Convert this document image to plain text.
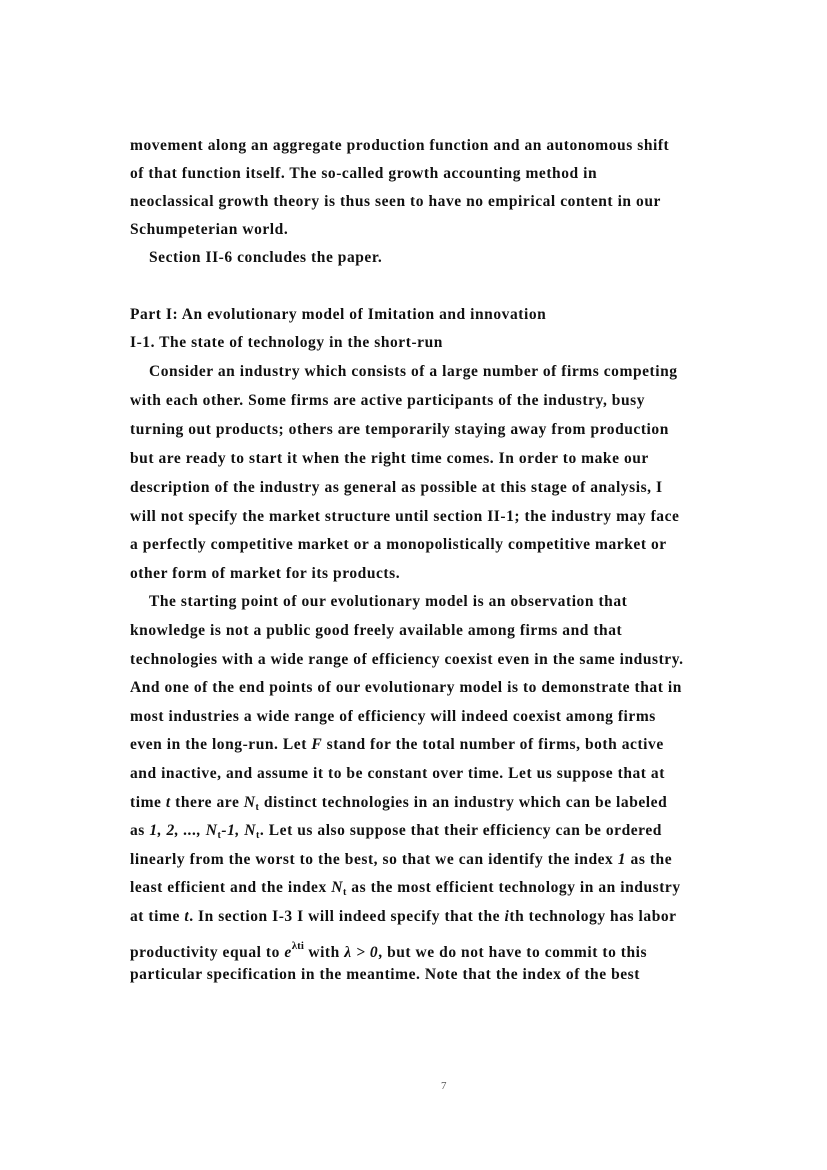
movement along an aggregate production function and an autonomous shift
of that function itself. The so-called growth accounting method in
neoclassical growth theory is thus seen to have no empirical content in our
Schumpeterian world.
Section II-6 concludes the paper.
Part I: An evolutionary model of Imitation and innovation
I-1. The state of technology in the short-run
Consider an industry which consists of a large number of firms competing
with each other. Some firms are active participants of the industry, busy
turning out products; others are temporarily staying away from production
but are ready to start it when the right time comes. In order to make our
description of the industry as general as possible at this stage of analysis, I
will not specify the market structure until section II-1; the industry may face
a perfectly competitive market or a monopolistically competitive market or
other form of market for its products.
The starting point of our evolutionary model is an observation that
knowledge is not a public good freely available among firms and that
technologies with a wide range of efficiency coexist even in the same industry.
And one of the end points of our evolutionary model is to demonstrate that in
most industries a wide range of efficiency will indeed coexist among firms
even in the long-run. Let F stand for the total number of firms, both active
and inactive, and assume it to be constant over time. Let us suppose that at
time t there are $N_t$ distinct technologies in an industry which can be labeled
as 1, 2, ..., $N_t-1$, $N_t$. Let us also suppose that their efficiency can be ordered
linearly from the worst to the best, so that we can identify the index 1 as the
least efficient and the index $N_t$ as the most efficient technology in an industry
at time t. In section I-3 I will indeed specify that the ith technology has labor
productivity equal to $e^{\lambda ti}$ with λ > 0, but we do not have to commit to this
particular specification in the meantime. Note that the index of the best
7
